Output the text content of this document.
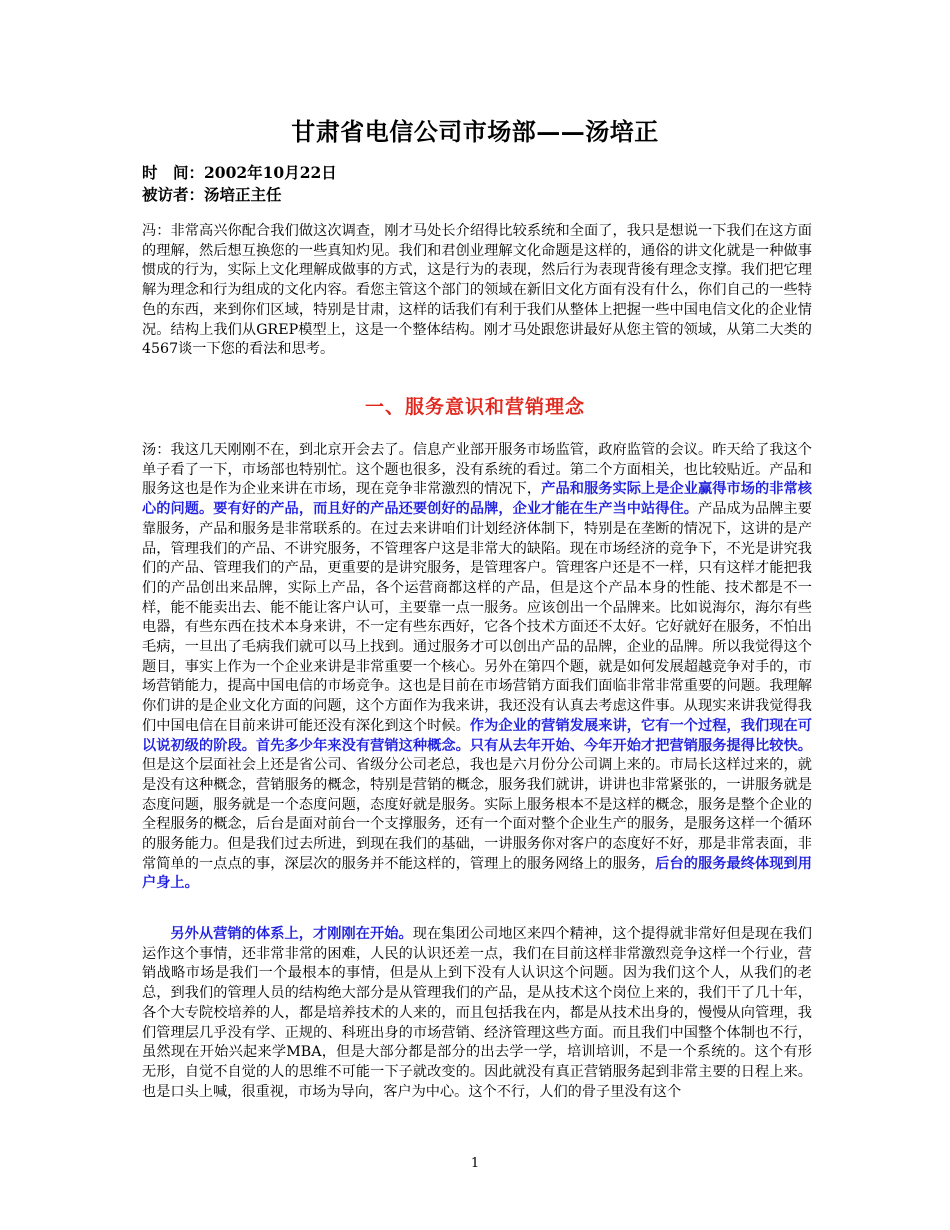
甘肃省电信公司市场部——汤培正
时　间：2002年10月22日
被访者：汤培正主任
冯：非常高兴你配合我们做这次调查，刚才马处长介绍得比较系统和全面了，我只是想说一下我们在这方面的理解，然后想互换您的一些真知灼见。我们和君创业理解文化命题是这样的，通俗的讲文化就是一种做事惯成的行为，实际上文化理解成做事的方式，这是行为的表现，然后行为表现背後有理念支撑。我们把它理解为理念和行为组成的文化内容。看您主管这个部门的领域在新旧文化方面有没有什么，你们自己的一些特色的东西，来到你们区域，特别是甘肃，这样的话我们有利于我们从整体上把握一些中国电信文化的企业情况。结构上我们从GREP模型上，这是一个整体结构。刚才马处跟您讲最好从您主管的领域，从第二大类的4567谈一下您的看法和思考。
一、服务意识和营销理念
汤：我这几天刚刚不在，到北京开会去了。信息产业部开服务市场监管，政府监管的会议。昨天给了我这个单子看了一下，市场部也特别忙。这个题也很多，没有系统的看过。第二个方面相关，也比较贴近。产品和服务这也是作为企业来讲在市场，现在竞争非常激烈的情况下，产品和服务实际上是企业赢得市场的非常核心的问题。要有好的产品，而且好的产品还要创好的品牌，企业才能在生产当中站得住。产品成为品牌主要靠服务，产品和服务是非常联系的。在过去来讲咱们计划经济体制下，特别是在垄断的情况下，这讲的是产品，管理我们的产品、不讲究服务，不管理客户这是非常大的缺陷。现在市场经济的竞争下，不光是讲究我们的产品、管理我们的产品，更重要的是讲究服务，是管理客户。管理客户还是不一样，只有这样才能把我们的产品创出来品牌，实际上产品，各个运营商都这样的产品，但是这个产品本身的性能、技术都是不一样，能不能卖出去、能不能让客户认可，主要靠一点一服务。应该创出一个品牌来。比如说海尔，海尔有些电器，有些东西在技术本身来讲，不一定有些东西好，它各个技术方面还不太好。它好就好在服务，不怕出毛病，一旦出了毛病我们就可以马上找到。通过服务才可以创出产品的品牌，企业的品牌。所以我觉得这个题目，事实上作为一个企业来讲是非常重要一个核心。另外在第四个题，就是如何发展超越竞争对手的，市场营销能力，提高中国电信的市场竞争。这也是目前在市场营销方面我们面临非常非常重要的问题。我理解你们讲的是企业文化方面的问题，这个方面作为我来讲，我还没有认真去考虑这件事。从现实来讲我觉得我们中国电信在目前来讲可能还没有深化到这个时候。作为企业的营销发展来讲，它有一个过程，我们现在可以说初级的阶段。首先多少年来没有营销这种概念。只有从去年开始、今年开始才把营销服务提得比较快。但是这个层面社会上还是省公司、省级分公司老总，我也是六月份分公司调上来的。市局长这样过来的，就是没有这种概念，营销服务的概念，特别是营销的概念，服务我们就讲，讲讲也非常紧张的，一讲服务就是态度问题，服务就是一个态度问题，态度好就是服务。实际上服务根本不是这样的概念，服务是整个企业的全程服务的概念，后台是面对前台一个支撑服务，还有一个面对整个企业生产的服务，是服务这样一个循环的服务能力。但是我们过去所进，到现在我们的基础，一讲服务你对客户的态度好不好，那是非常表面，非常简单的一点点的事，深层次的服务并不能这样的，管理上的服务网络上的服务，后台的服务最终体现到用户身上。
另外从营销的体系上，才刚刚在开始。现在集团公司地区来四个精神，这个提得就非常好但是现在我们运作这个事情，还非常非常的困难，人民的认识还差一点，我们在目前这样非常激烈竞争这样一个行业，营销战略市场是我们一个最根本的事情，但是从上到下没有人认识这个问题。因为我们这个人，从我们的老总，到我们的管理人员的结构绝大部分是从管理我们的产品，是从技术这个岗位上来的，我们干了几十年，各个大专院校培养的人，都是培养技术的人来的，而且包括我在内，都是从技术出身的，慢慢从向管理，我们管理层几乎没有学、正规的、科班出身的市场营销、经济管理这些方面。而且我们中国整个体制也不行，虽然现在开始兴起来学MBA，但是大部分都是部分的出去学一学，培训培训，不是一个系统的。这个有形无形，自觉不自觉的人的思维不可能一下子就改变的。因此就没有真正营销服务起到非常主要的日程上来。也是口头上喊，很重视，市场为导向，客户为中心。这个不行，人们的骨子里没有这个
1
